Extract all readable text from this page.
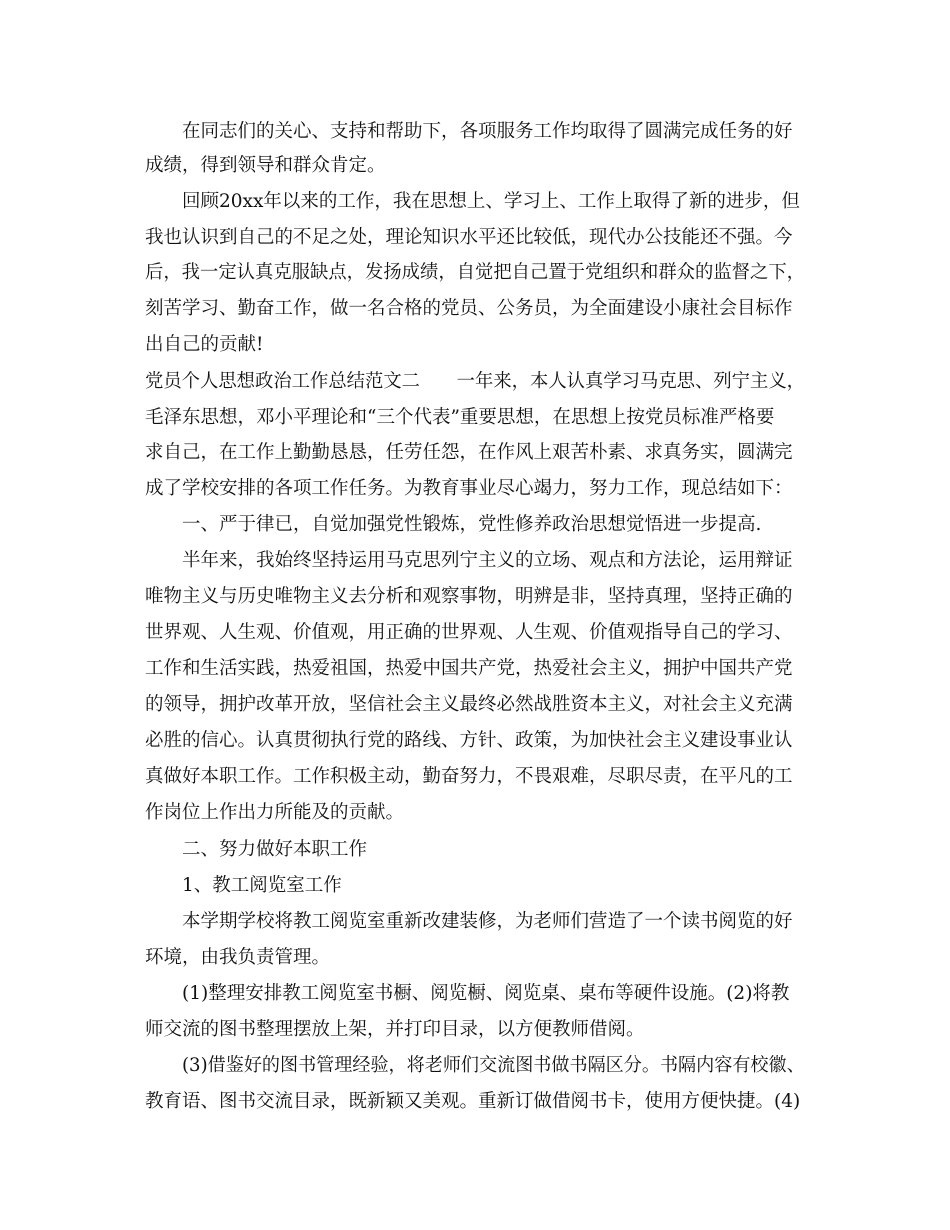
在同志们的关心、支持和帮助下，各项服务工作均取得了圆满完成任务的好
成绩，得到领导和群众肯定。
回顾20xx年以来的工作，我在思想上、学习上、工作上取得了新的进步，但
我也认识到自己的不足之处，理论知识水平还比较低，现代办公技能还不强。今
后，我一定认真克服缺点，发扬成绩，自觉把自己置于党组织和群众的监督之下，
刻苦学习、勤奋工作，做一名合格的党员、公务员，为全面建设小康社会目标作
出自己的贡献!
党员个人思想政治工作总结范文二　　一年来，本人认真学习马克思、列宁主义，
毛泽东思想，邓小平理论和“三个代表”重要思想，在思想上按党员标准严格要
求自己，在工作上勤勤恳恳，任劳任怨，在作风上艰苦朴素、求真务实，圆满完
成了学校安排的各项工作任务。为教育事业尽心竭力，努力工作，现总结如下：
一、严于律已，自觉加强党性锻炼，党性修养政治思想觉悟进一步提高.
半年来，我始终坚持运用马克思列宁主义的立场、观点和方法论，运用辩证
唯物主义与历史唯物主义去分析和观察事物，明辨是非，坚持真理，坚持正确的
世界观、人生观、价值观，用正确的世界观、人生观、价值观指导自己的学习、
工作和生活实践，热爱祖国，热爱中国共产党，热爱社会主义，拥护中国共产党
的领导，拥护改革开放，坚信社会主义最终必然战胜资本主义，对社会主义充满
必胜的信心。认真贯彻执行党的路线、方针、政策，为加快社会主义建设事业认
真做好本职工作。工作积极主动，勤奋努力，不畏艰难，尽职尽责，在平凡的工
作岗位上作出力所能及的贡献。
二、努力做好本职工作
1、教工阅览室工作
本学期学校将教工阅览室重新改建装修，为老师们营造了一个读书阅览的好
环境，由我负责管理。
(1)整理安排教工阅览室书橱、阅览橱、阅览桌、桌布等硬件设施。(2)将教
师交流的图书整理摆放上架，并打印目录，以方便教师借阅。
(3)借鉴好的图书管理经验，将老师们交流图书做书隔区分。书隔内容有校徽、
教育语、图书交流目录，既新颖又美观。重新订做借阅书卡，使用方便快捷。(4)
